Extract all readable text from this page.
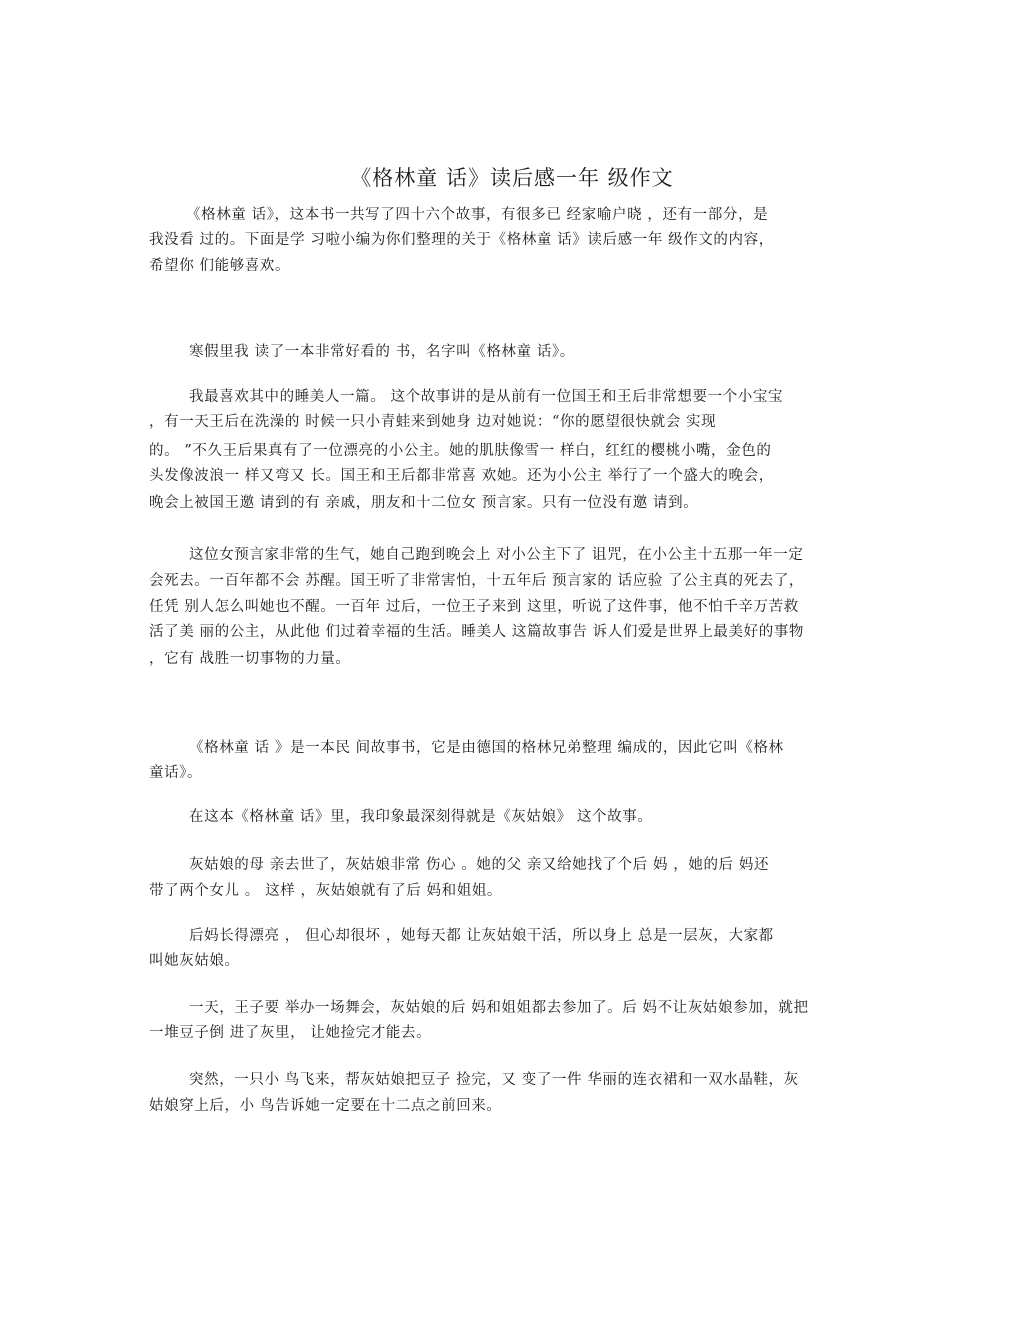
《格林童 话》读后感一年 级作文

《格林童 话》，这本书一共写了四十六个故事，有很多已 经家喻户晓 ，还有一部分，是

我没看 过的。下面是学 习啦小编为你们整理的关于《格林童 话》读后感一年 级作文的内容，

希望你 们能够喜欢。

寒假里我 读了一本非常好看的 书，名字叫《格林童 话》。

我最喜欢其中的睡美人一篇。 这个故事讲的是从前有一位国王和王后非常想要一个小宝宝

，有一天王后在洗澡的 时候一只小青蛙来到她身 边对她说：“你的愿望很快就会 实现

的。 ”不久王后果真有了一位漂亮的小公主。她的肌肤像雪一 样白，红红的樱桃小嘴，金色的

头发像波浪一 样又弯又 长。国王和王后都非常喜 欢她。还为小公主 举行了一个盛大的晚会，

晚会上被国王邀 请到的有 亲戚，朋友和十二位女 预言家。只有一位没有邀 请到。

这位女预言家非常的生气，她自己跑到晚会上 对小公主下了 诅咒，在小公主十五那一年一定

会死去。一百年都不会 苏醒。国王听了非常害怕，十五年后 预言家的 话应验 了公主真的死去了，

任凭 别人怎么叫她也不醒。一百年 过后，一位王子来到 这里，听说了这件事，他不怕千辛万苦救

活了美 丽的公主，从此他 们过着幸福的生活。睡美人 这篇故事告 诉人们爱是世界上最美好的事物

，它有 战胜一切事物的力量。

《格林童 话 》是一本民 间故事书，它是由德国的格林兄弟整理 编成的，因此它叫《格林

童话》。

在这本《格林童 话》里，我印象最深刻得就是《灰姑娘》 这个故事。

灰姑娘的母 亲去世了，灰姑娘非常 伤心 。她的父 亲又给她找了个后 妈 ，她的后 妈还

带了两个女儿 。 这样 ，灰姑娘就有了后 妈和姐姐。

后妈长得漂亮 ， 但心却很坏 ，她每天都 让灰姑娘干活，所以身上 总是一层灰，大家都

叫她灰姑娘。

一天，王子要 举办一场舞会，灰姑娘的后 妈和姐姐都去参加了。后 妈不让灰姑娘参加，就把

一堆豆子倒 进了灰里， 让她捡完才能去。

突然，一只小 鸟飞来，帮灰姑娘把豆子 捡完，又 变了一件 华丽的连衣裙和一双水晶鞋，灰

姑娘穿上后，小 鸟告诉她一定要在十二点之前回来。
